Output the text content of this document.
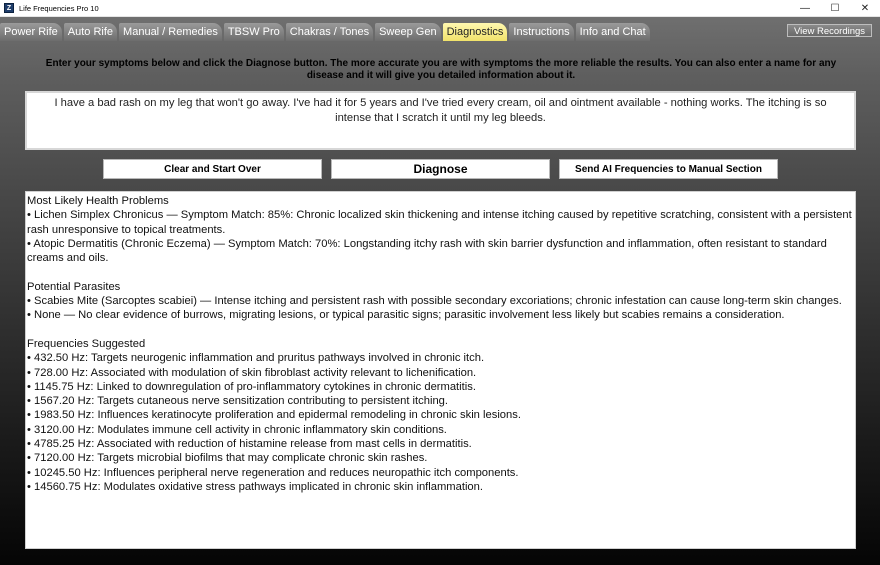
Z	Life Frequencies Pro 10	—	☐	✕
Power Rife Auto Rife Manual / Remedies TBSW Pro Chakras / Tones Sweep Gen Diagnostics Instructions Info and Chat	View Recordings
Enter your symptoms below and click the Diagnose button. The more accurate you are with symptoms the more reliable the results. You can also enter a name for any disease and it will give you detailed information about it.
I have a bad rash on my leg that won't go away. I've had it for 5 years and I've tried every cream, oil and ointment available - nothing works. The itching is so intense that I scratch it until my leg bleeds.
Clear and Start Over	Diagnose	Send AI Frequencies to Manual Section
Most Likely Health Problems
• Lichen Simplex Chronicus — Symptom Match: 85%: Chronic localized skin thickening and intense itching caused by repetitive scratching, consistent with a persistent rash unresponsive to topical treatments.
• Atopic Dermatitis (Chronic Eczema) — Symptom Match: 70%: Longstanding itchy rash with skin barrier dysfunction and inflammation, often resistant to standard creams and oils.
Potential Parasites
• Scabies Mite (Sarcoptes scabiei) — Intense itching and persistent rash with possible secondary excoriations; chronic infestation can cause long-term skin changes.
• None — No clear evidence of burrows, migrating lesions, or typical parasitic signs; parasitic involvement less likely but scabies remains a consideration.
Frequencies Suggested
• 432.50 Hz: Targets neurogenic inflammation and pruritus pathways involved in chronic itch.
• 728.00 Hz: Associated with modulation of skin fibroblast activity relevant to lichenification.
• 1145.75 Hz: Linked to downregulation of pro-inflammatory cytokines in chronic dermatitis.
• 1567.20 Hz: Targets cutaneous nerve sensitization contributing to persistent itching.
• 1983.50 Hz: Influences keratinocyte proliferation and epidermal remodeling in chronic skin lesions.
• 3120.00 Hz: Modulates immune cell activity in chronic inflammatory skin conditions.
• 4785.25 Hz: Associated with reduction of histamine release from mast cells in dermatitis.
• 7120.00 Hz: Targets microbial biofilms that may complicate chronic skin rashes.
• 10245.50 Hz: Influences peripheral nerve regeneration and reduces neuropathic itch components.
• 14560.75 Hz: Modulates oxidative stress pathways implicated in chronic skin inflammation.
